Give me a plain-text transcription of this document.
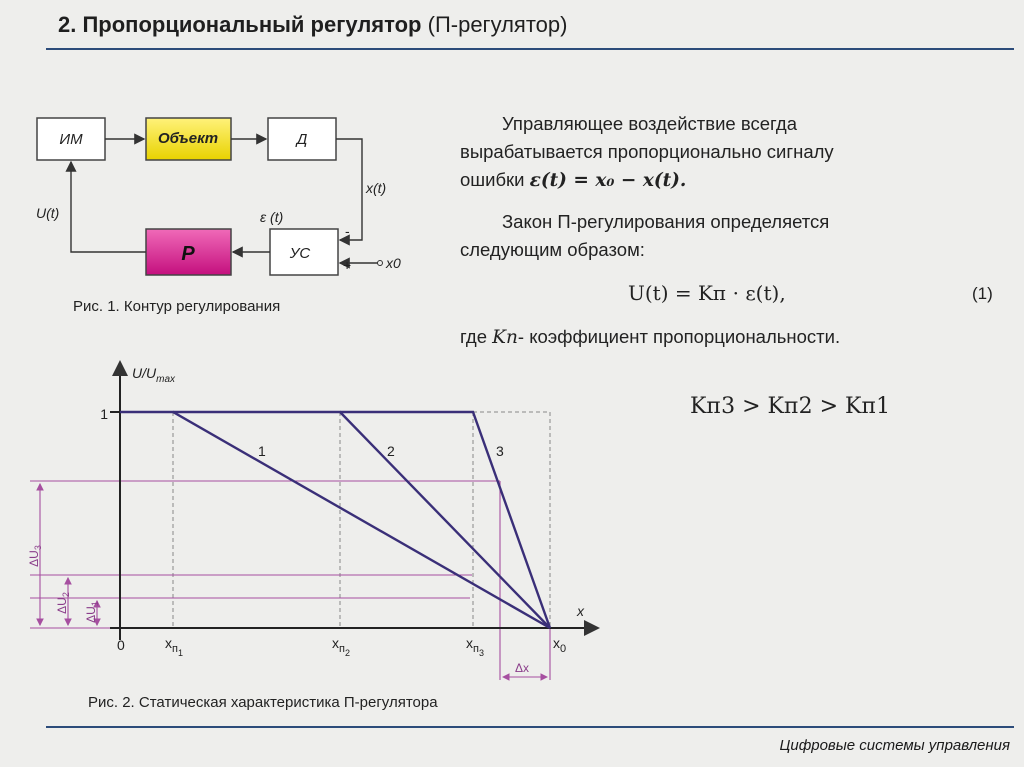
2. Пропорциональный регулятор (П-регулятор)
Цифровые системы управления
ИМ	Объект	Д
P	УС
x(t)
ε (t)
U(t)
x0
-
+
$U/U_{max}$
x
1
0	$x_{п1}$
$x_{п2}$
$x_{п3}$
$x_0$
1	2	3
$\Delta U_3$
$\Delta U_2$
$\Delta U_1$
Δx
Рис. 1. Контур регулирования
Рис. 2. Статическая характеристика П-регулятора
Управляющее воздействие всегда вырабатывается пропорционально сигналу ошибки ε(t) = x₀ − x(t).
Закон П-регулирования определяется следующим образом:
U(t) = Kп · ε(t),	(1)
где Kп- коэффициент пропорциональности.
Kп3 > Kп2 > Kп1
